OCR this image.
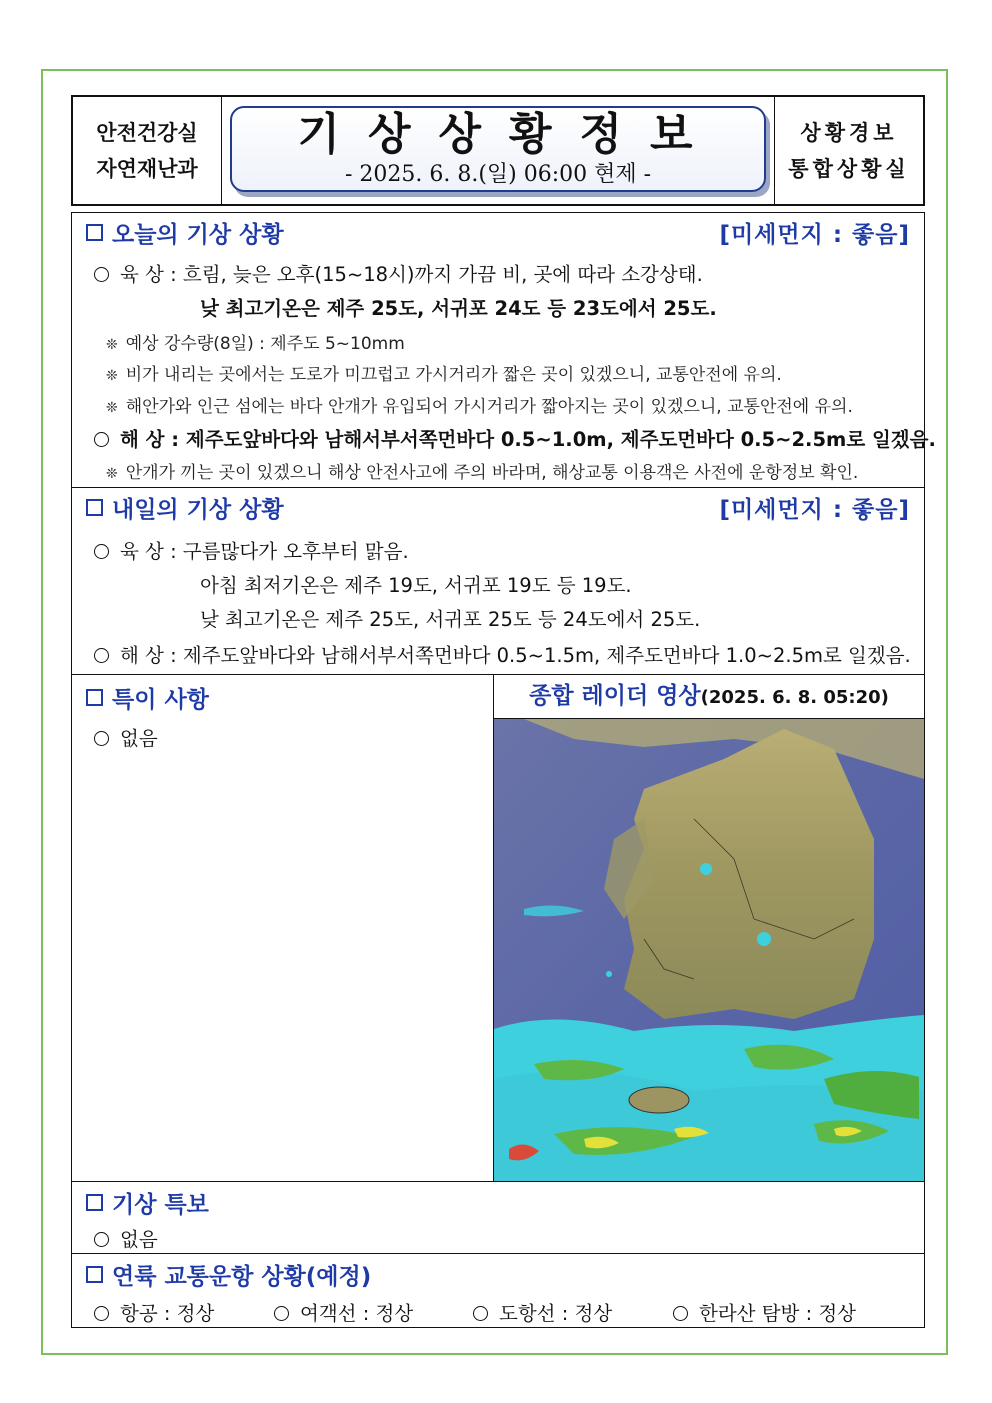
안전건강실
자연재난과
기상상황정보
- 2025. 6. 8.(일) 06:00 현제 -
상황경보
통합상황실
오늘의 기상 상황	[미세먼지 : 좋음]
육 상 : 흐림, 늦은 오후(15~18시)까지 가끔 비, 곳에 따라 소강상태.
낮 최고기온은 제주 25도, 서귀포 24도 등 23도에서 25도.
❊ 예상 강수량(8일) : 제주도 5~10mm
❊ 비가 내리는 곳에서는 도로가 미끄럽고 가시거리가 짧은 곳이 있겠으니, 교통안전에 유의.
❊ 해안가와 인근 섬에는 바다 안개가 유입되어 가시거리가 짧아지는 곳이 있겠으니, 교통안전에 유의.
해 상 : 제주도앞바다와 남해서부서쪽먼바다 0.5~1.0m, 제주도먼바다 0.5~2.5m로 일겠음.
❊ 안개가 끼는 곳이 있겠으니 해상 안전사고에 주의 바라며, 해상교통 이용객은 사전에 운항정보 확인.
내일의 기상 상황	[미세먼지 : 좋음]
육 상 : 구름많다가 오후부터 맑음.
아침 최저기온은 제주 19도, 서귀포 19도 등 19도.
낮 최고기온은 제주 25도, 서귀포 25도 등 24도에서 25도.
해 상 : 제주도앞바다와 남해서부서쪽먼바다 0.5~1.5m, 제주도먼바다 1.0~2.5m로 일겠음.
특이 사항
없음
종합 레이더 영상(2025. 6. 8. 05:20)
기상 특보
없음
연륙 교통운항 상황(예정)
항공 : 정상	여객선 : 정상	도항선 : 정상	한라산 탐방 : 정상
